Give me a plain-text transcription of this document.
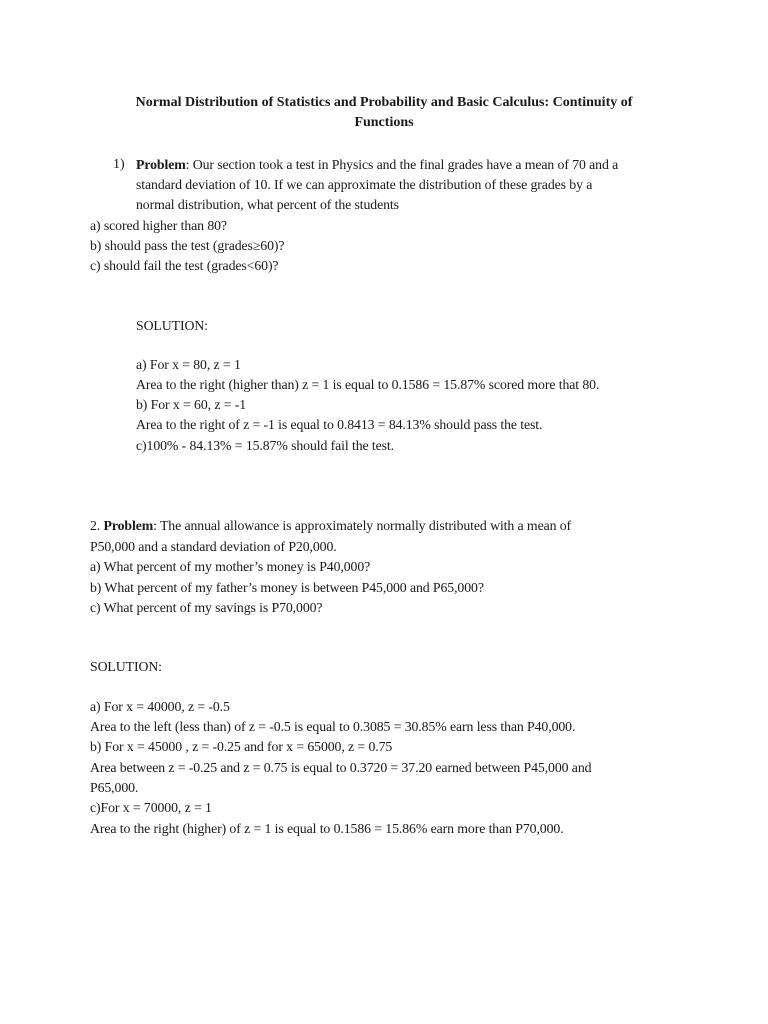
Normal Distribution of Statistics and Probability and Basic Calculus: Continuity of
Functions
1) Problem: Our section took a test in Physics and the final grades have a mean of 70 and a
standard deviation of 10. If we can approximate the distribution of these grades by a
normal distribution, what percent of the students
a) scored higher than 80?
b) should pass the test (grades≥60)?
c) should fail the test (grades<60)?
SOLUTION:
a) For x = 80, z = 1
Area to the right (higher than) z = 1 is equal to 0.1586 = 15.87% scored more that 80.
b) For x = 60, z = -1
Area to the right of z = -1 is equal to 0.8413 = 84.13% should pass the test.
c)100% - 84.13% = 15.87% should fail the test.
2. Problem: The annual allowance is approximately normally distributed with a mean of
P50,000 and a standard deviation of P20,000.
a) What percent of my mother’s money is P40,000?
b) What percent of my father’s money is between P45,000 and P65,000?
c) What percent of my savings is P70,000?
SOLUTION:
a) For x = 40000, z = -0.5
Area to the left (less than) of z = -0.5 is equal to 0.3085 = 30.85% earn less than P40,000.
b) For x = 45000 , z = -0.25 and for x = 65000, z = 0.75
Area between z = -0.25 and z = 0.75 is equal to 0.3720 = 37.20 earned between P45,000 and
P65,000.
c)For x = 70000, z = 1
Area to the right (higher) of z = 1 is equal to 0.1586 = 15.86% earn more than P70,000.
